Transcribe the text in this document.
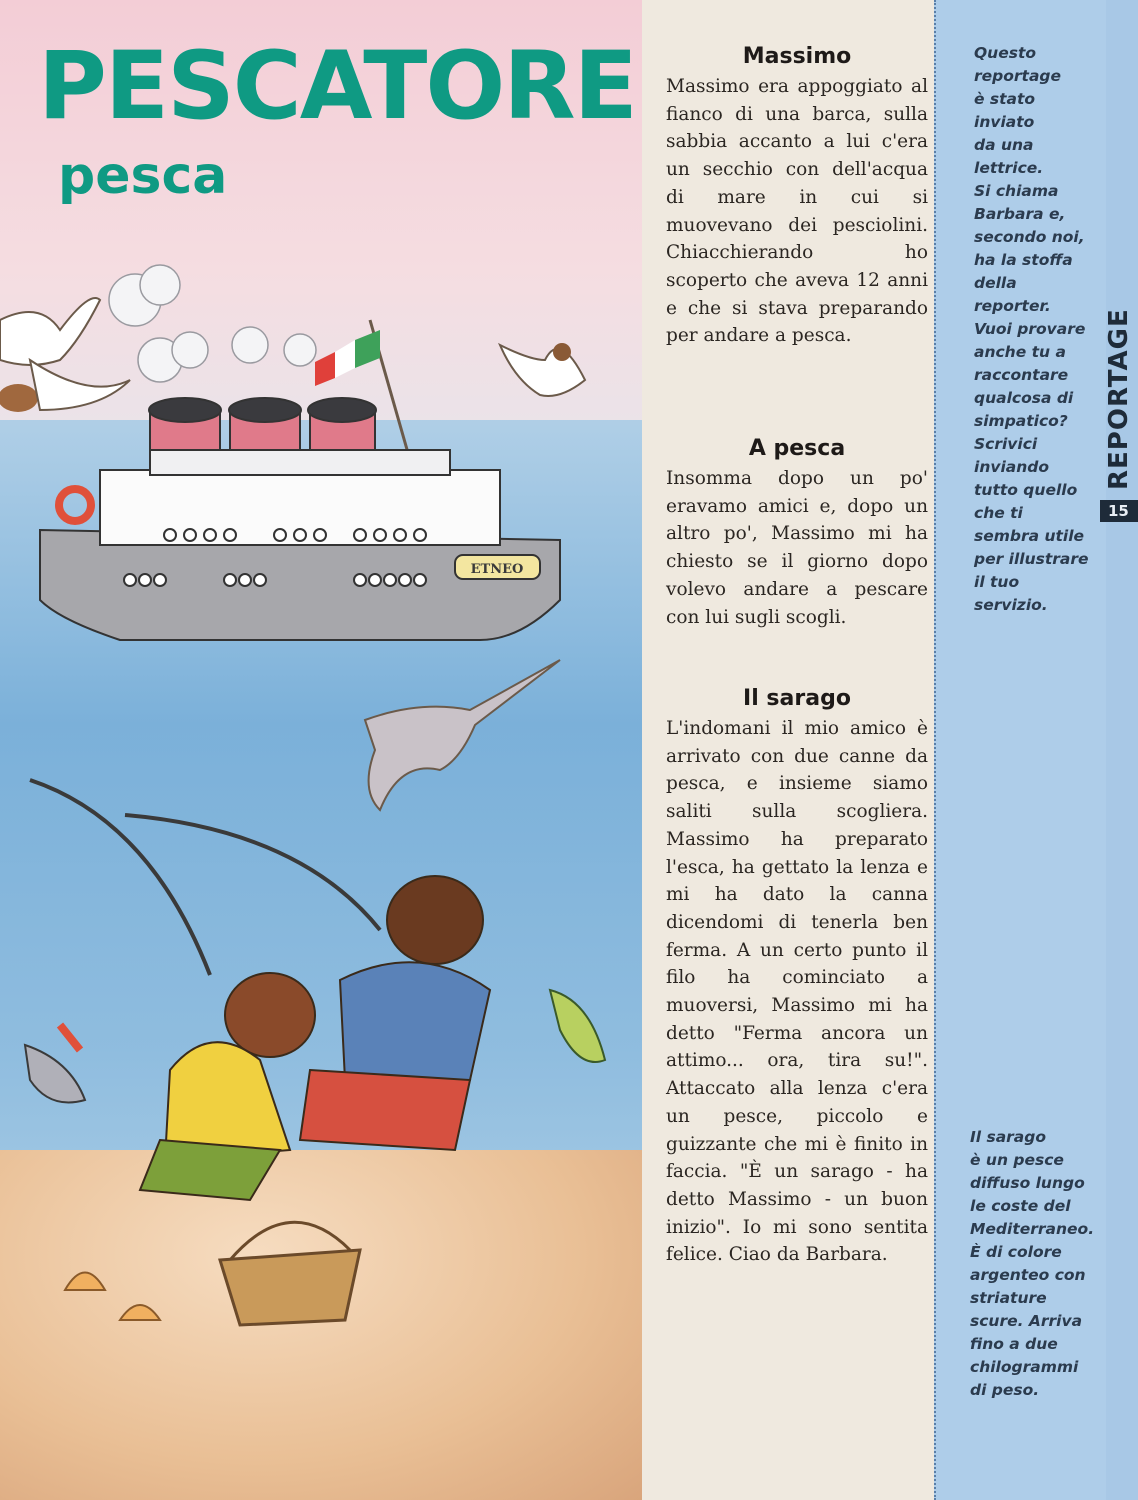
PESCATORE
pesca
ETNEO
Massimo

Massimo era appoggiato al fianco di una barca, sulla sabbia accanto a lui c'era un secchio con dell'acqua di mare in cui si muovevano dei pesciolini. Chiacchierando ho scoperto che aveva 12 anni e che si stava preparando per andare a pesca.

A pesca

Insomma dopo un po' eravamo amici e, dopo un altro po', Massimo mi ha chiesto se il giorno dopo volevo andare a pescare con lui sugli scogli.

Il sarago

L'indomani il mio amico è arrivato con due canne da pesca, e insieme siamo saliti sulla scogliera. Massimo ha preparato l'esca, ha gettato la lenza e mi ha dato la canna dicendomi di tenerla ben ferma. A un certo punto il filo ha cominciato a muoversi, Massimo mi ha detto "Ferma ancora un attimo... ora, tira su!". Attaccato alla lenza c'era un pesce, piccolo e guizzante che mi è finito in faccia. "È un sarago - ha detto Massimo - un buon inizio". Io mi sono sentita felice. Ciao da Barbara.

Questo
reportage
è stato
inviato
da una
lettrice.
Si chiama
Barbara e,
secondo noi,
ha la stoffa
della
reporter.
Vuoi provare
anche tu a
raccontare
qualcosa di
simpatico?
Scrivici
inviando
tutto quello
che ti
sembra utile
per illustrare
il tuo
servizio.
Il sarago
è un pesce
diffuso lungo
le coste del
Mediterraneo.
È di colore
argenteo con
striature
scure. Arriva
fino a due
chilogrammi
di peso.
REPORTAGE
15
